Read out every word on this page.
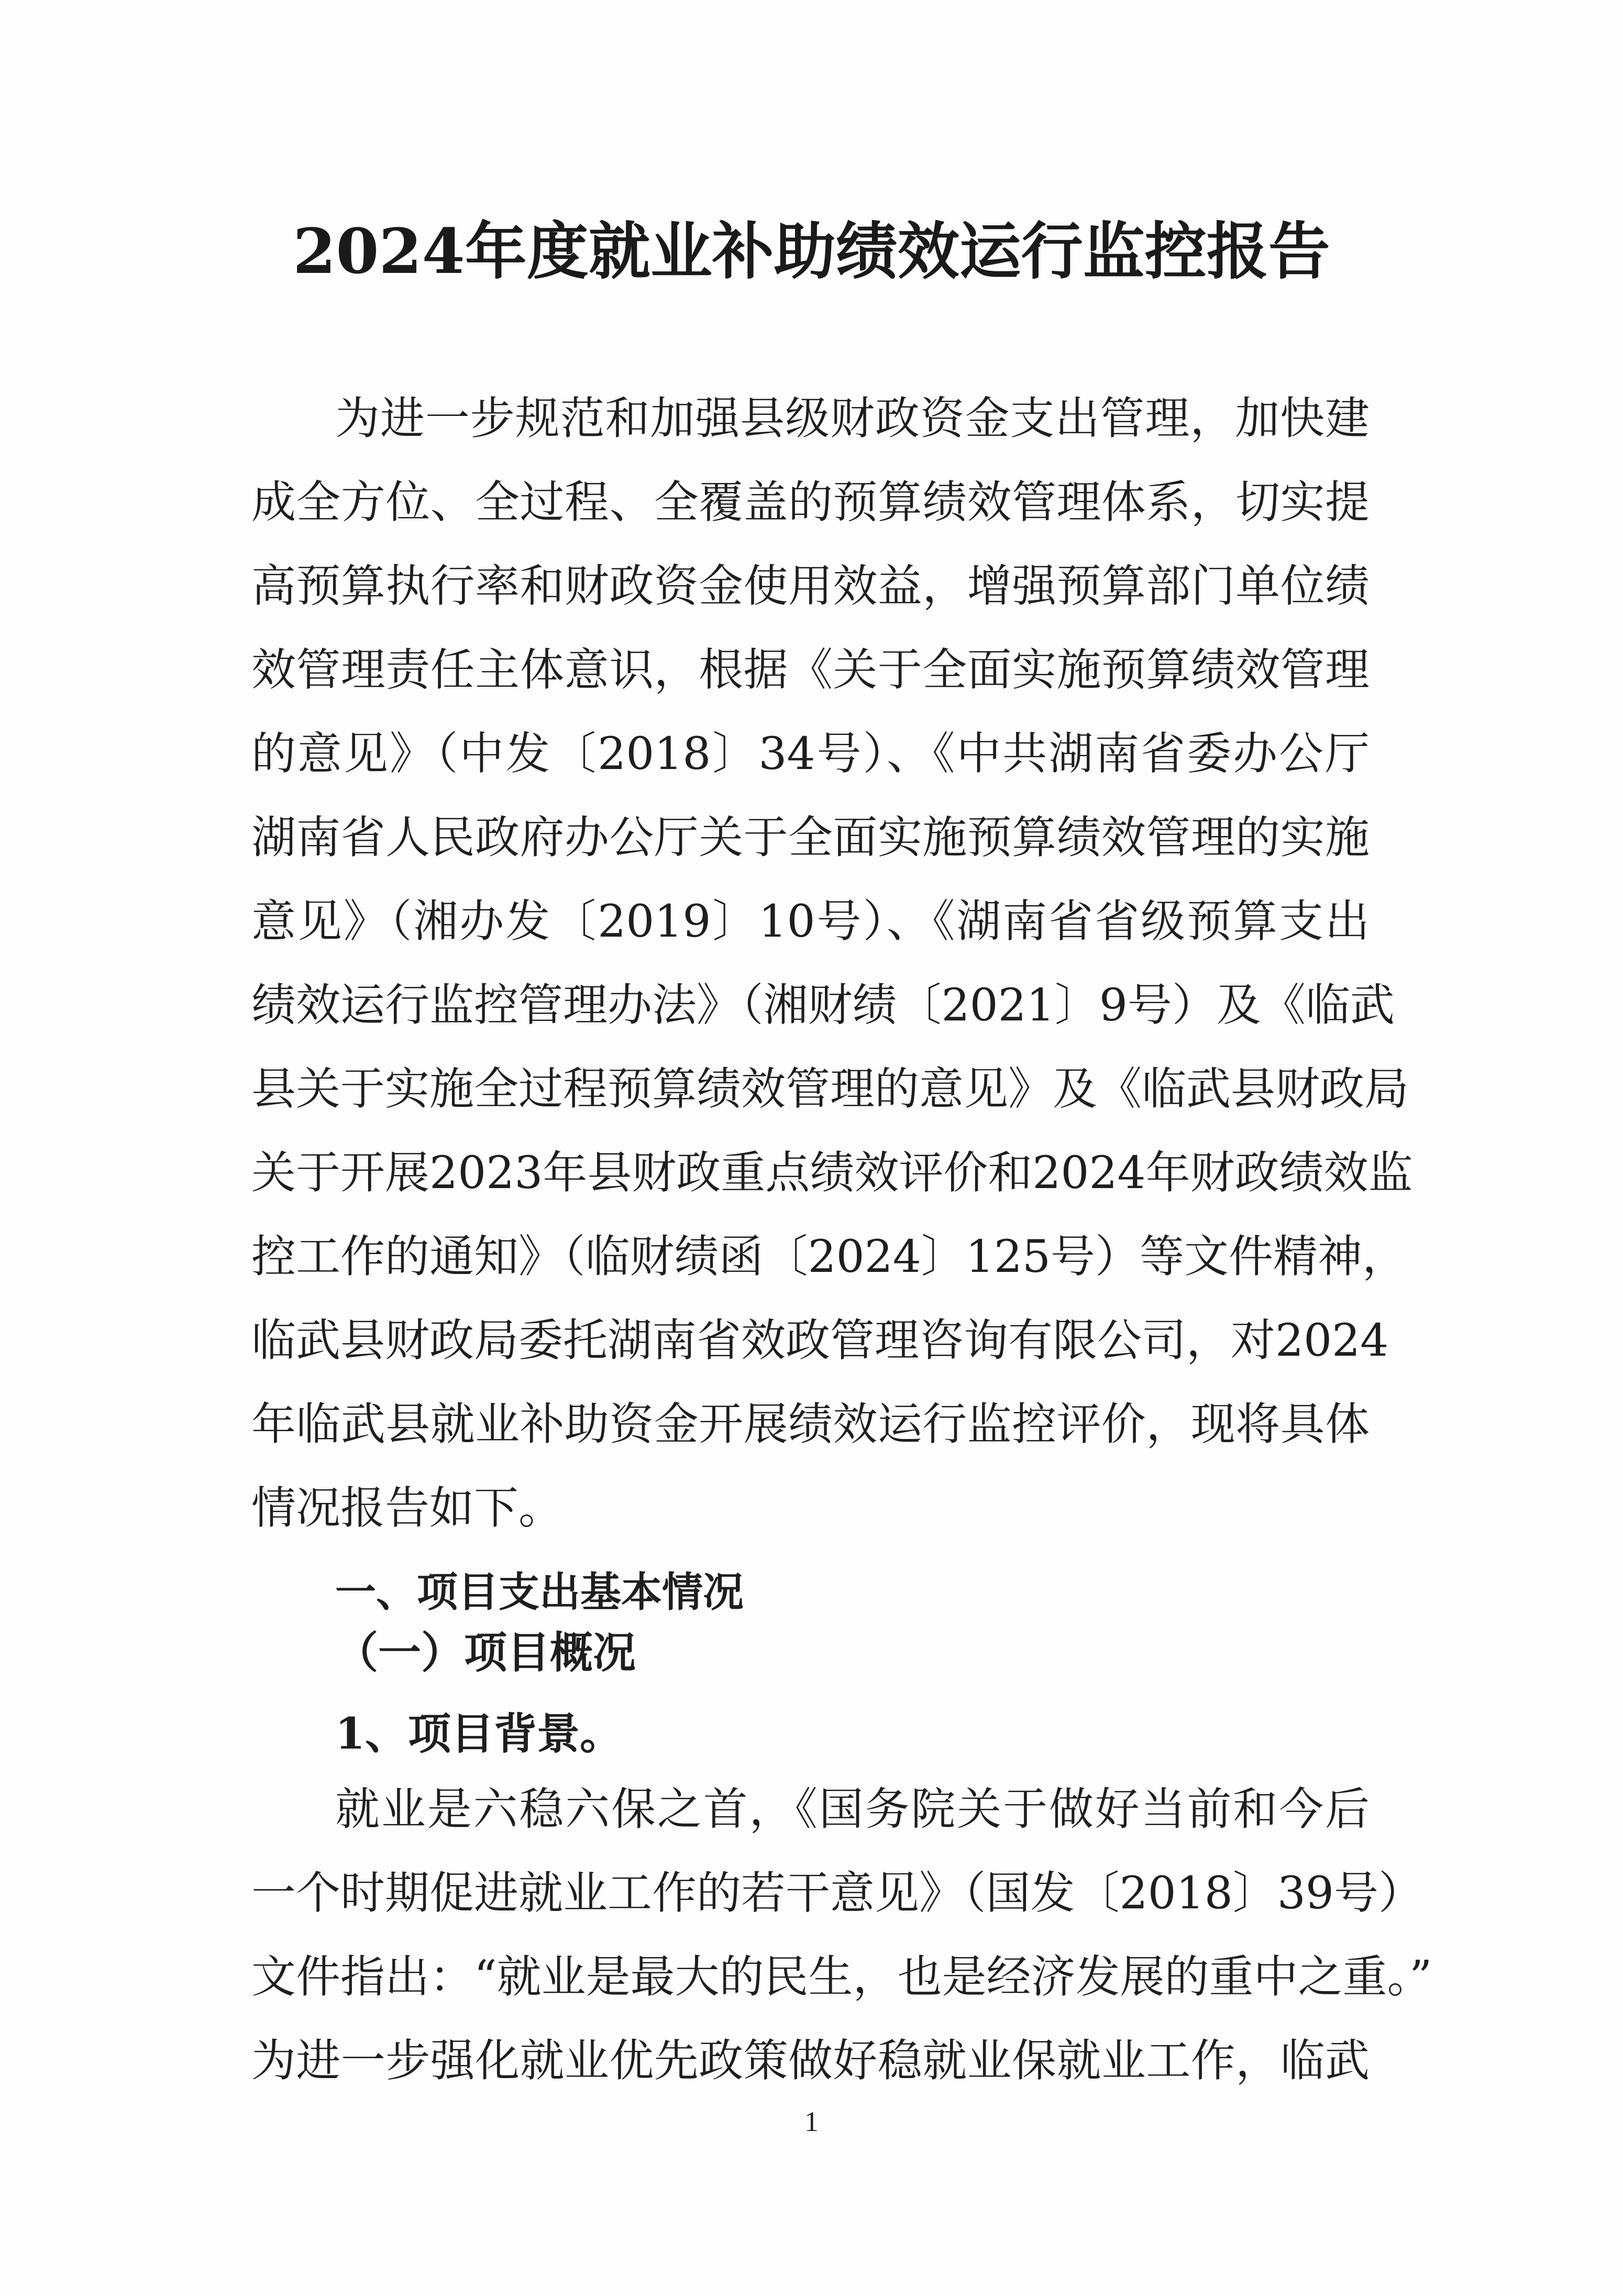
2024年度就业补助绩效运行监控报告
为进一步规范和加强县级财政资金支出管理，加快建
成全方位、全过程、全覆盖的预算绩效管理体系，切实提
高预算执行率和财政资金使用效益，增强预算部门单位绩
效管理责任主体意识，根据《关于全面实施预算绩效管理
的意见》（中发〔2018〕34号）、《中共湖南省委办公厅
湖南省人民政府办公厅关于全面实施预算绩效管理的实施
意见》（湘办发〔2019〕10号）、《湖南省省级预算支出
绩效运行监控管理办法》（湘财绩〔2021〕9号）及《临武
县关于实施全过程预算绩效管理的意见》及《临武县财政局
关于开展2023年县财政重点绩效评价和2024年财政绩效监
控工作的通知》（临财绩函〔2024〕125号）等文件精神，
临武县财政局委托湖南省效政管理咨询有限公司，对2024
年临武县就业补助资金开展绩效运行监控评价，现将具体
情况报告如下。
一、项目支出基本情况
（一）项目概况
1、项目背景。
就业是六稳六保之首，《国务院关于做好当前和今后
一个时期促进就业工作的若干意见》（国发〔2018〕39号）
文件指出：“就业是最大的民生，也是经济发展的重中之重。”
为进一步强化就业优先政策做好稳就业保就业工作，临武
1
